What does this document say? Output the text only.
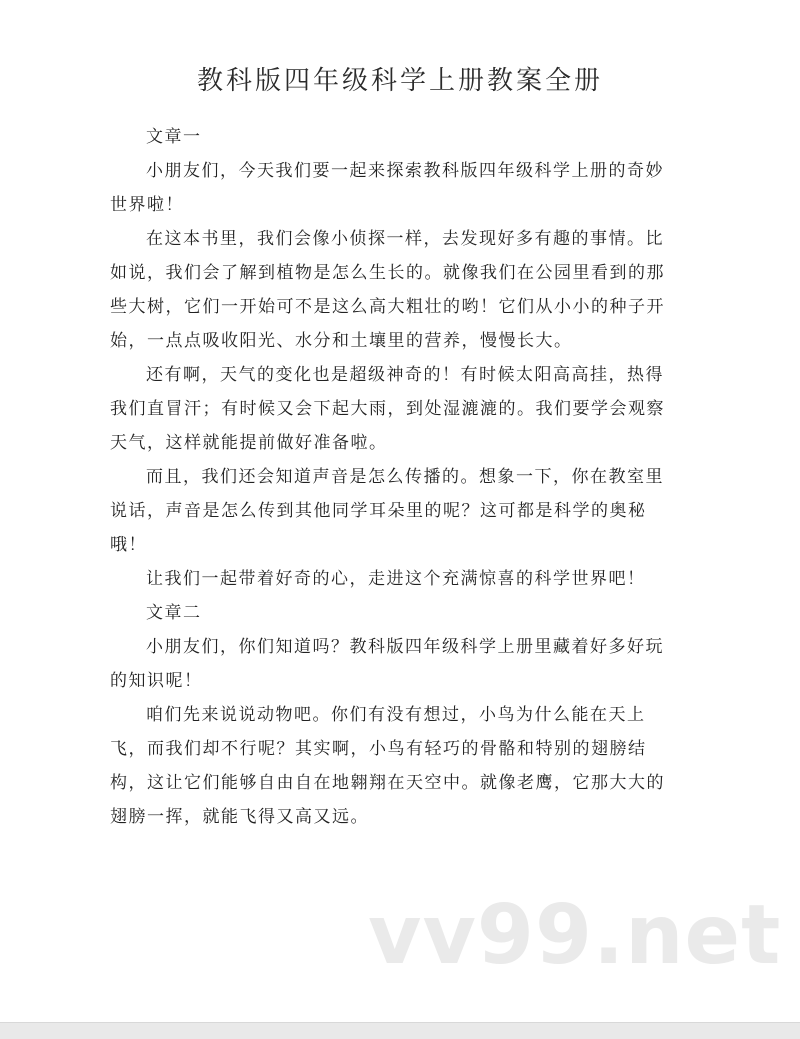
教科版四年级科学上册教案全册

文章一

小朋友们，今天我们要一起来探索教科版四年级科学上册的奇妙世界啦！

在这本书里，我们会像小侦探一样，去发现好多有趣的事情。比如说，我们会了解到植物是怎么生长的。就像我们在公园里看到的那些大树，它们一开始可不是这么高大粗壮的哟！它们从小小的种子开始，一点点吸收阳光、水分和土壤里的营养，慢慢长大。

还有啊，天气的变化也是超级神奇的！有时候太阳高高挂，热得我们直冒汗；有时候又会下起大雨，到处湿漉漉的。我们要学会观察天气，这样就能提前做好准备啦。

而且，我们还会知道声音是怎么传播的。想象一下，你在教室里说话，声音是怎么传到其他同学耳朵里的呢？这可都是科学的奥秘哦！

让我们一起带着好奇的心，走进这个充满惊喜的科学世界吧！

文章二

小朋友们，你们知道吗？教科版四年级科学上册里藏着好多好玩的知识呢！

咱们先来说说动物吧。你们有没有想过，小鸟为什么能在天上飞，而我们却不行呢？其实啊，小鸟有轻巧的骨骼和特别的翅膀结构，这让它们能够自由自在地翱翔在天空中。就像老鹰，它那大大的翅膀一挥，就能飞得又高又远。

vv99.net
